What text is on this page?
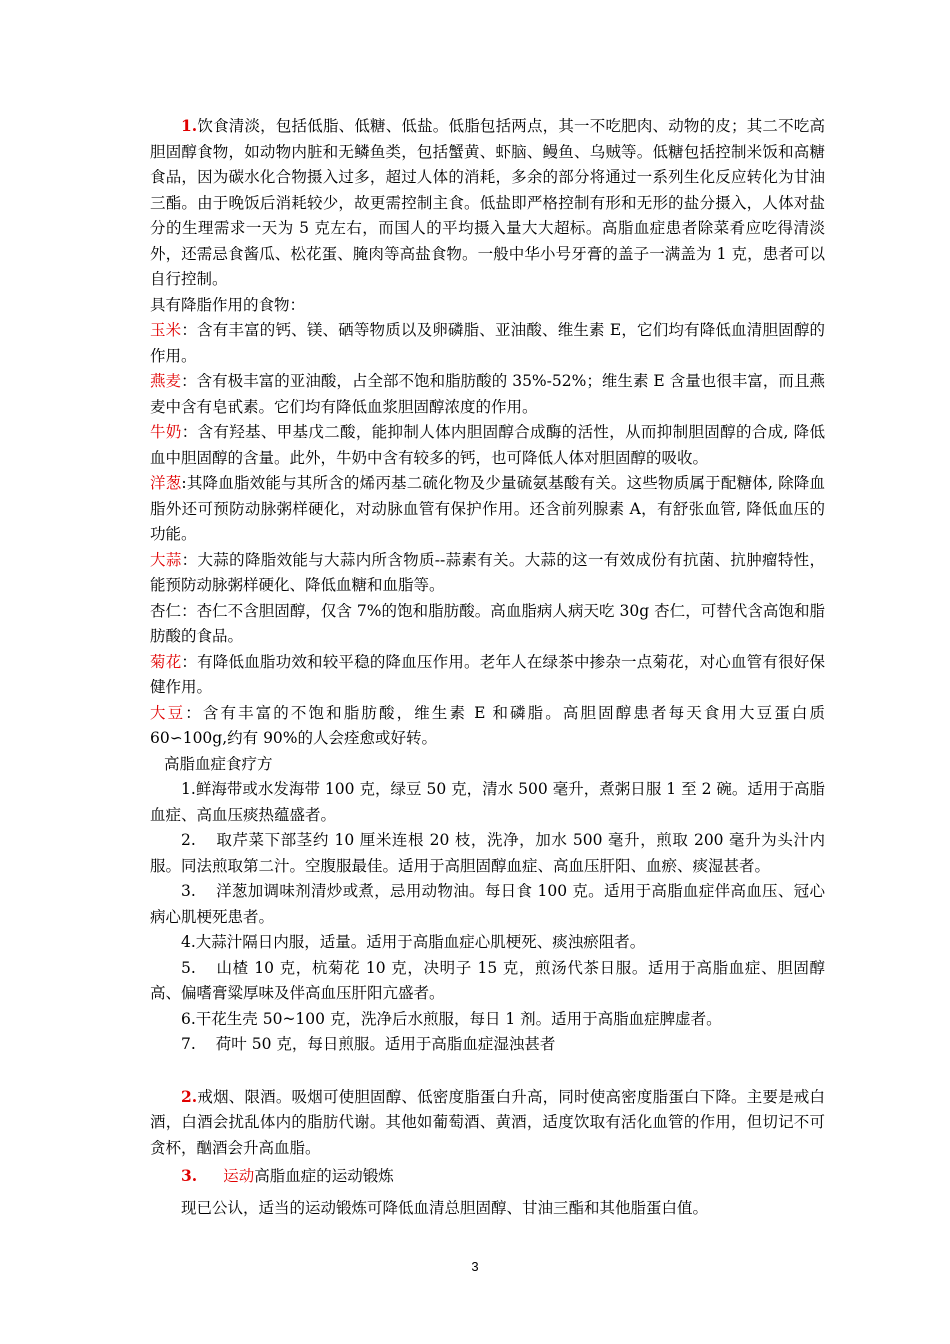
1.饮食清淡，包括低脂、低糖、低盐。低脂包括两点，其一不吃肥肉、动物的皮；其二不吃高胆固醇食物，如动物内脏和无鳞鱼类，包括蟹黄、虾脑、鳗鱼、乌贼等。低糖包括控制米饭和高糖食品，因为碳水化合物摄入过多，超过人体的消耗，多余的部分将通过一系列生化反应转化为甘油三酯。由于晚饭后消耗较少，故更需控制主食。低盐即严格控制有形和无形的盐分摄入，人体对盐分的生理需求一天为 5 克左右，而国人的平均摄入量大大超标。高脂血症患者除菜肴应吃得清淡外，还需忌食酱瓜、松花蛋、腌肉等高盐食物。一般中华小号牙膏的盖子一满盖为 1 克，患者可以自行控制。

具有降脂作用的食物：

玉米：含有丰富的钙、镁、硒等物质以及卵磷脂、亚油酸、维生素 E，它们均有降低血清胆固醇的作用。

燕麦：含有极丰富的亚油酸，占全部不饱和脂肪酸的 35%-52%；维生素 E 含量也很丰富，而且燕麦中含有皂甙素。它们均有降低血浆胆固醇浓度的作用。

牛奶：含有羟基、甲基戊二酸，能抑制人体内胆固醇合成酶的活性，从而抑制胆固醇的合成, 降低血中胆固醇的含量。此外，牛奶中含有较多的钙，也可降低人体对胆固醇的吸收。

洋葱:其降血脂效能与其所含的烯丙基二硫化物及少量硫氨基酸有关。这些物质属于配糖体, 除降血脂外还可预防动脉粥样硬化，对动脉血管有保护作用。还含前列腺素 A，有舒张血管, 降低血压的功能。

大蒜：大蒜的降脂效能与大蒜内所含物质--蒜素有关。大蒜的这一有效成份有抗菌、抗肿瘤特性，能预防动脉粥样硬化、降低血糖和血脂等。

杏仁：杏仁不含胆固醇，仅含 7%的饱和脂肪酸。高血脂病人病天吃 30g 杏仁，可替代含高饱和脂肪酸的食品。

菊花：有降低血脂功效和较平稳的降血压作用。老年人在绿茶中掺杂一点菊花，对心血管有很好保健作用。

大豆：含有丰富的不饱和脂肪酸，维生素 E 和磷脂。高胆固醇患者每天食用大豆蛋白质 60∽100g,约有 90%的人会痊愈或好转。

高脂血症食疗方

1.鲜海带或水发海带 100 克，绿豆 50 克，清水 500 毫升，煮粥日服 1 至 2 碗。适用于高脂血症、高血压痰热蕴盛者。

2. 取芹菜下部茎约 10 厘米连根 20 枝，洗净，加水 500 毫升，煎取 200 毫升为头汁内服。同法煎取第二汁。空腹服最佳。适用于高胆固醇血症、高血压肝阳、血瘀、痰湿甚者。

3. 洋葱加调味剂清炒或煮，忌用动物油。每日食 100 克。适用于高脂血症伴高血压、冠心病心肌梗死患者。

4.大蒜汁隔日内服，适量。适用于高脂血症心肌梗死、痰浊瘀阻者。

5. 山楂 10 克，杭菊花 10 克，决明子 15 克，煎汤代茶日服。适用于高脂血症、胆固醇高、偏嗜膏粱厚味及伴高血压肝阳亢盛者。

6.干花生壳 50~100 克，洗净后水煎服，每日 1 剂。适用于高脂血症脾虚者。

7. 荷叶 50 克，每日煎服。适用于高脂血症湿浊甚者

2.戒烟、限酒。吸烟可使胆固醇、低密度脂蛋白升高，同时使高密度脂蛋白下降。主要是戒白酒，白酒会扰乱体内的脂肪代谢。其他如葡萄酒、黄酒，适度饮取有活化血管的作用，但切记不可贪杯，酗酒会升高血脂。

3. 运动高脂血症的运动锻炼

现已公认，适当的运动锻炼可降低血清总胆固醇、甘油三酯和其他脂蛋白值。

3
